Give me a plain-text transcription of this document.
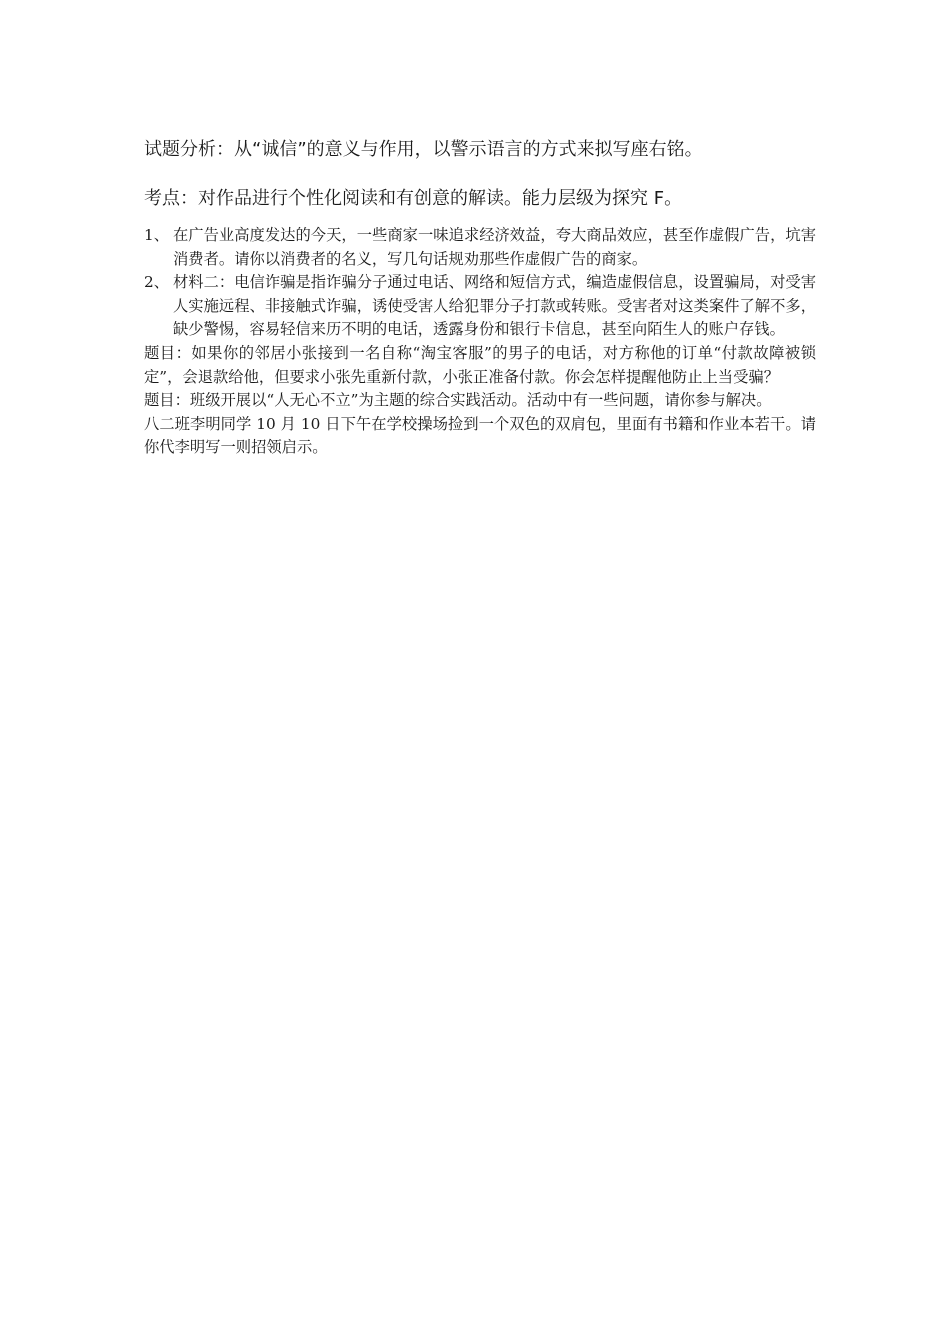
试题分析：从“诚信”的意义与作用，以警示语言的方式来拟写座右铭。
考点：对作品进行个性化阅读和有创意的解读。能力层级为探究 F。
1、 在广告业高度发达的今天，一些商家一味追求经济效益，夸大商品效应，甚至作虚假广告，坑害消费者。请你以消费者的名义，写几句话规劝那些作虚假广告的商家。
2、 材料二：电信诈骗是指诈骗分子通过电话、网络和短信方式，编造虚假信息，设置骗局，对受害人实施远程、非接触式诈骗，诱使受害人给犯罪分子打款或转账。受害者对这类案件了解不多，缺少警惕，容易轻信来历不明的电话，透露身份和银行卡信息，甚至向陌生人的账户存钱。
题目：如果你的邻居小张接到一名自称“淘宝客服”的男子的电话，对方称他的订单“付款故障被锁定”，会退款给他，但要求小张先重新付款，小张正准备付款。你会怎样提醒他防止上当受骗？
题目：班级开展以“人无心不立”为主题的综合实践活动。活动中有一些问题，请你参与解决。
八二班李明同学 10 月 10 日下午在学校操场捡到一个双色的双肩包，里面有书籍和作业本若干。请你代李明写一则招领启示。
